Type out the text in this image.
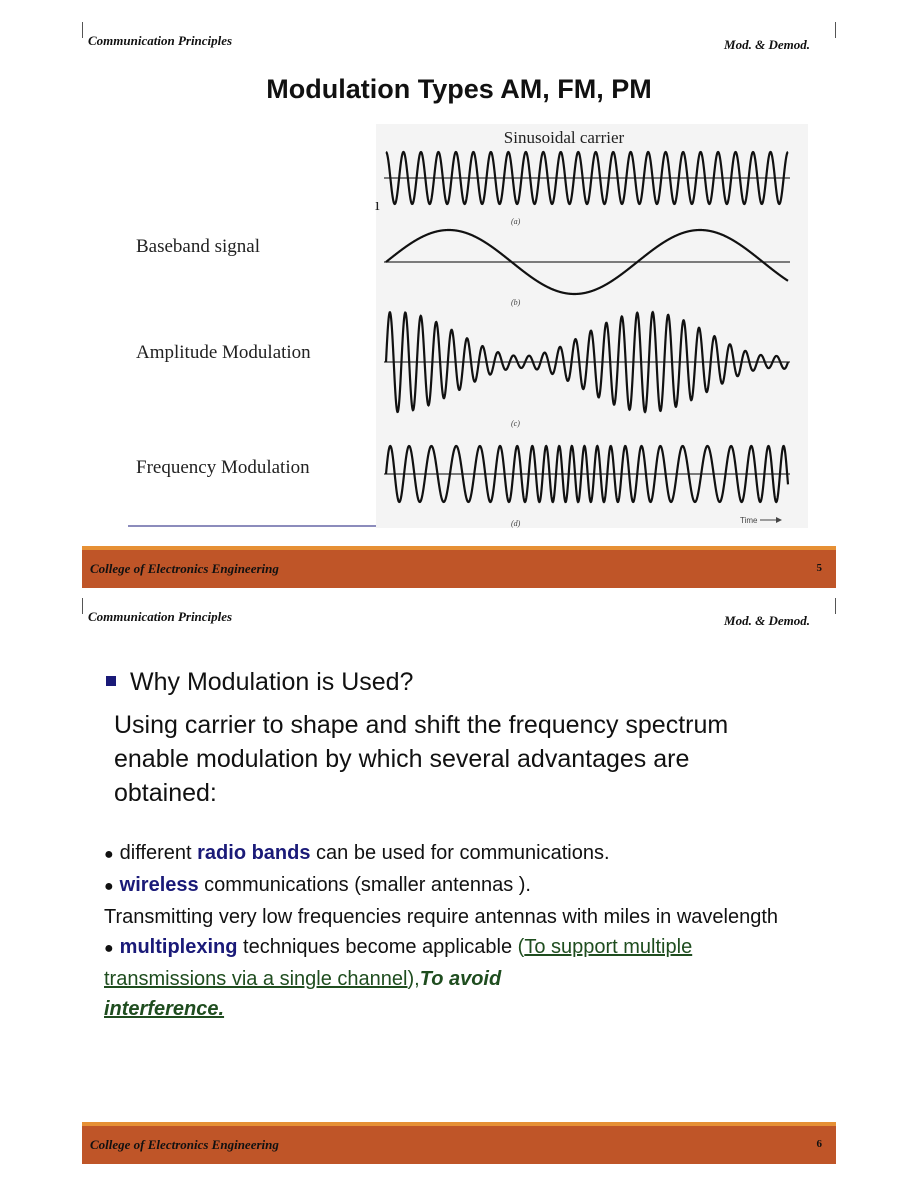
Communication Principles	Mod. & Demod.
Modulation Types AM, FM, PM
Sinusoidal carrier
ı
(a)
(b)
(c)
(d)	Time
Baseband signal
Amplitude Modulation
Frequency Modulation
College of Electronics Engineering	5
Communication Principles	Mod. & Demod.
Why Modulation is Used?
Using carrier to shape and shift the frequency spectrum enable modulation by which several advantages are obtained:
● different radio bands can be used for communications.
● wireless communications (smaller antennas ).
Transmitting very low frequencies require antennas with miles in wavelength
● multiplexing techniques become applicable (To support multiple transmissions via a single channel),To avoid
interference.
College of Electronics Engineering	6
